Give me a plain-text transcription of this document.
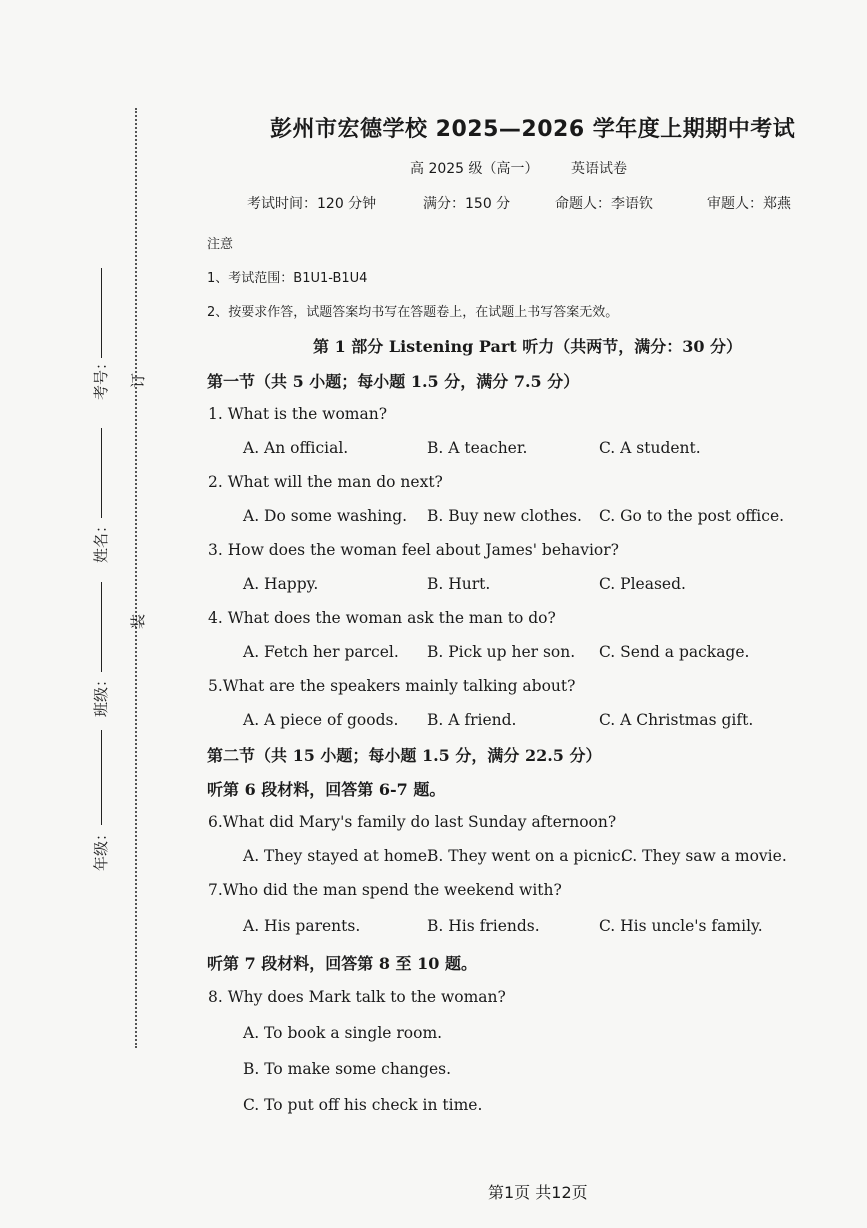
考号：
姓名：
班级：
年级：
订
装
彭州市宏德学校 2025—2026 学年度上期期中考试
高 2025 级（高一） 英语试卷
考试时间：120 分钟	满分：150 分	命题人：李语钦	审题人：郑燕
注意
1、考试范围：B1U1-B1U4
2、按要求作答，试题答案均书写在答题卷上，在试题上书写答案无效。
第 1 部分 Listening Part 听力（共两节，满分：30 分）
第一节（共 5 小题；每小题 1.5 分，满分 7.5 分）
1. What is the woman?
A. An official.	B. A teacher.	C. A student.
2. What will the man do next?
A. Do some washing. B. Buy new clothes. C. Go to the post office.
3. How does the woman feel about James' behavior?
A. Happy.	B. Hurt.	C. Pleased.
4. What does the woman ask the man to do?
A. Fetch her parcel. B. Pick up her son. C. Send a package.
5.What are the speakers mainly talking about?
A. A piece of goods. B. A friend.	C. A Christmas gift.
第二节（共 15 小题；每小题 1.5 分，满分 22.5 分）
听第 6 段材料，回答第 6-7 题。
6.What did Mary's family do last Sunday afternoon?
A. They stayed at home.
B. They went on a picnic.
C. They saw a movie.
7.Who did the man spend the weekend with?
A. His parents.	B. His friends.	C. His uncle's family.
听第 7 段材料，回答第 8 至 10 题。
8. Why does Mark talk to the woman?
A. To book a single room.
B. To make some changes.
C. To put off his check in time.
第1页 共12页
